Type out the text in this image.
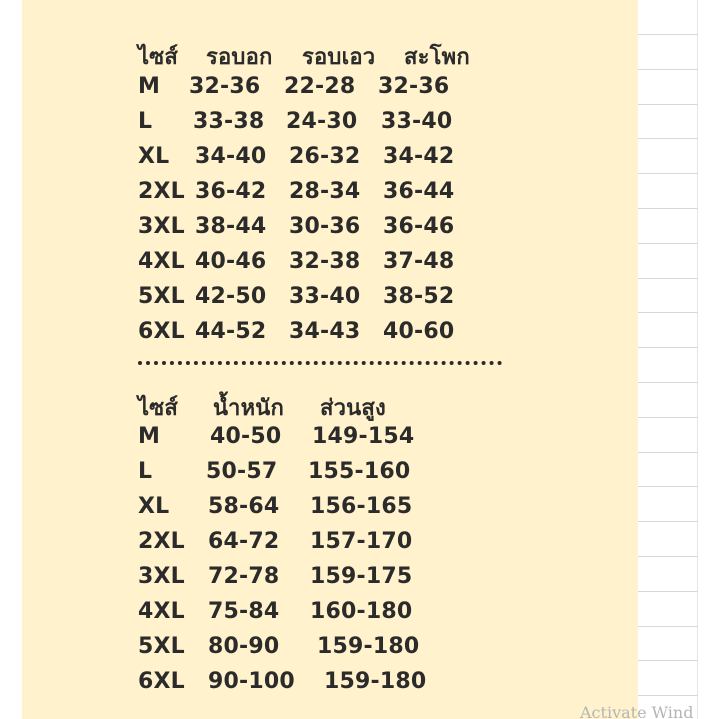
ไซส์ รอบอก รอบเอว สะโพก
M 32-36 22-28 32-36
L 33-38 24-30 33-40
XL 34-40 26-32 34-42
2XL 36-42 28-34 36-44
3XL 38-44 30-36 36-46
4XL 40-46 32-38 37-48
5XL 42-50 33-40 38-52
6XL 44-52 34-43 40-60
ไซส์ น้ำหนัก ส่วนสูง
M 40-50 149-154
L 50-57 155-160
XL 58-64 156-165
2XL 64-72 157-170
3XL 72-78 159-175
4XL 75-84 160-180
5XL 80-90 159-180
6XL 90-100 159-180
Activate Wind
